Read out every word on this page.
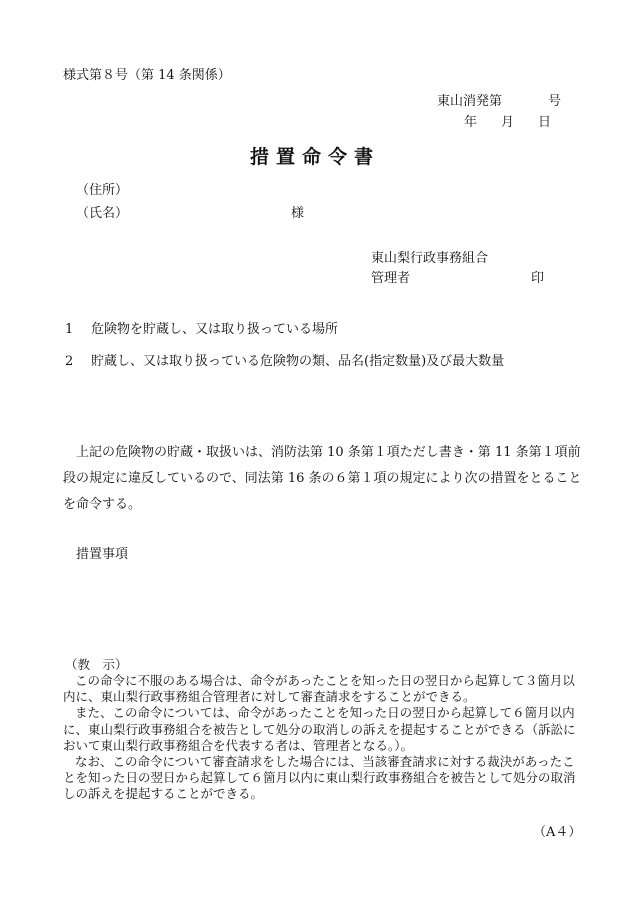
様式第８号（第 14 条関係）
東山消発第	号
年 月 日
措置命令書
（住所）
（氏名）	様
東山梨行政事務組合
管理者	印
1 危険物を貯蔵し、又は取り扱っている場所
2 貯蔵し、又は取り扱っている危険物の類、品名(指定数量)及び最大数量
上記の危険物の貯蔵・取扱いは、消防法第 10 条第１項ただし書き・第 11 条第１項前段の規定に違反しているので、同法第 16 条の６第１項の規定により次の措置をとることを命令する。
措置事項
（教　示）

この命令に不服のある場合は、命令があったことを知った日の翌日から起算して３箇月以内に、東山梨行政事務組合管理者に対して審査請求をすることができる。

また、この命令については、命令があったことを知った日の翌日から起算して６箇月以内に、東山梨行政事務組合を被告として処分の取消しの訴えを提起することができる（訴訟において東山梨行政事務組合を代表する者は、管理者となる。）。

なお、この命令について審査請求をした場合には、当該審査請求に対する裁決があったことを知った日の翌日から起算して６箇月以内に東山梨行政事務組合を被告として処分の取消しの訴えを提起することができる。

（A４）
